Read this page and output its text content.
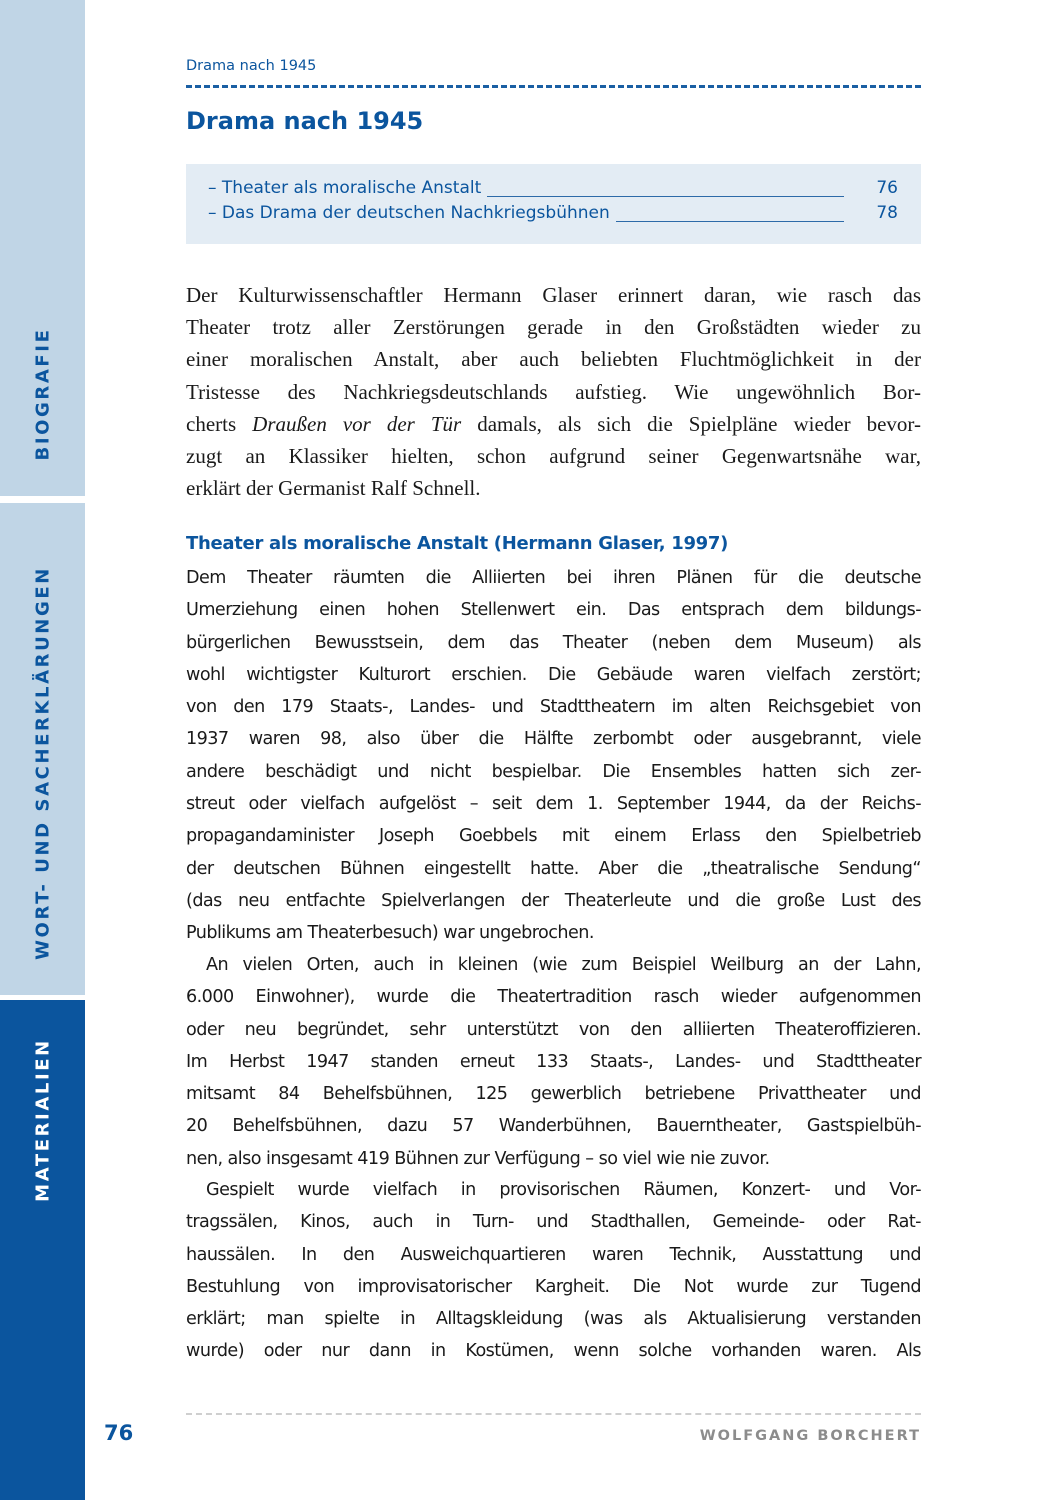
BIOGRAFIE
WORT- UND SACHERKLÄRUNGEN
MATERIALIEN
Drama nach 1945
Drama nach 1945
– Theater als moralische Anstalt	76
– Das Drama der deutschen Nachkriegsbühnen	78
Der Kulturwissenschaftler Hermann Glaser erinnert daran, wie rasch das
Theater trotz aller Zerstörungen gerade in den Großstädten wieder zu
einer moralischen Anstalt, aber auch beliebten Fluchtmöglichkeit in der
Tristesse des Nachkriegsdeutschlands aufstieg. Wie ungewöhnlich Bor-
cherts Draußen vor der Tür damals, als sich die Spielpläne wieder bevor-
zugt an Klassiker hielten, schon aufgrund seiner Gegenwartsnähe war,
erklärt der Germanist Ralf Schnell.
Theater als moralische Anstalt (Hermann Glaser, 1997)
Dem Theater räumten die Alliierten bei ihren Plänen für die deutsche
Umerziehung einen hohen Stellenwert ein. Das entsprach dem bildungs-
bürgerlichen Bewusstsein, dem das Theater (neben dem Museum) als
wohl wichtigster Kulturort erschien. Die Gebäude waren vielfach zerstört;
von den 179 Staats-, Landes- und Stadttheatern im alten Reichsgebiet von
1937 waren 98, also über die Hälfte zerbombt oder ausgebrannt, viele
andere beschädigt und nicht bespielbar. Die Ensembles hatten sich zer-
streut oder vielfach aufgelöst – seit dem 1. September 1944, da der Reichs-
propagandaminister Joseph Goebbels mit einem Erlass den Spielbetrieb
der deutschen Bühnen eingestellt hatte. Aber die „theatralische Sendung“
(das neu entfachte Spielverlangen der Theaterleute und die große Lust des
Publikums am Theaterbesuch) war ungebrochen.
An vielen Orten, auch in kleinen (wie zum Beispiel Weilburg an der Lahn,
6.000 Einwohner), wurde die Theatertradition rasch wieder aufgenommen
oder neu begründet, sehr unterstützt von den alliierten Theateroffizieren.
Im Herbst 1947 standen erneut 133 Staats-, Landes- und Stadttheater
mitsamt 84 Behelfsbühnen, 125 gewerblich betriebene Privattheater und
20 Behelfsbühnen, dazu 57 Wanderbühnen, Bauerntheater, Gastspielbüh-
nen, also insgesamt 419 Bühnen zur Verfügung – so viel wie nie zuvor.
Gespielt wurde vielfach in provisorischen Räumen, Konzert- und Vor-
tragssälen, Kinos, auch in Turn- und Stadthallen, Gemeinde- oder Rat-
haussälen. In den Ausweichquartieren waren Technik, Ausstattung und
Bestuhlung von improvisatorischer Kargheit. Die Not wurde zur Tugend
erklärt; man spielte in Alltagskleidung (was als Aktualisierung verstanden
wurde) oder nur dann in Kostümen, wenn solche vorhanden waren. Als
76	WOLFGANG BORCHERT
